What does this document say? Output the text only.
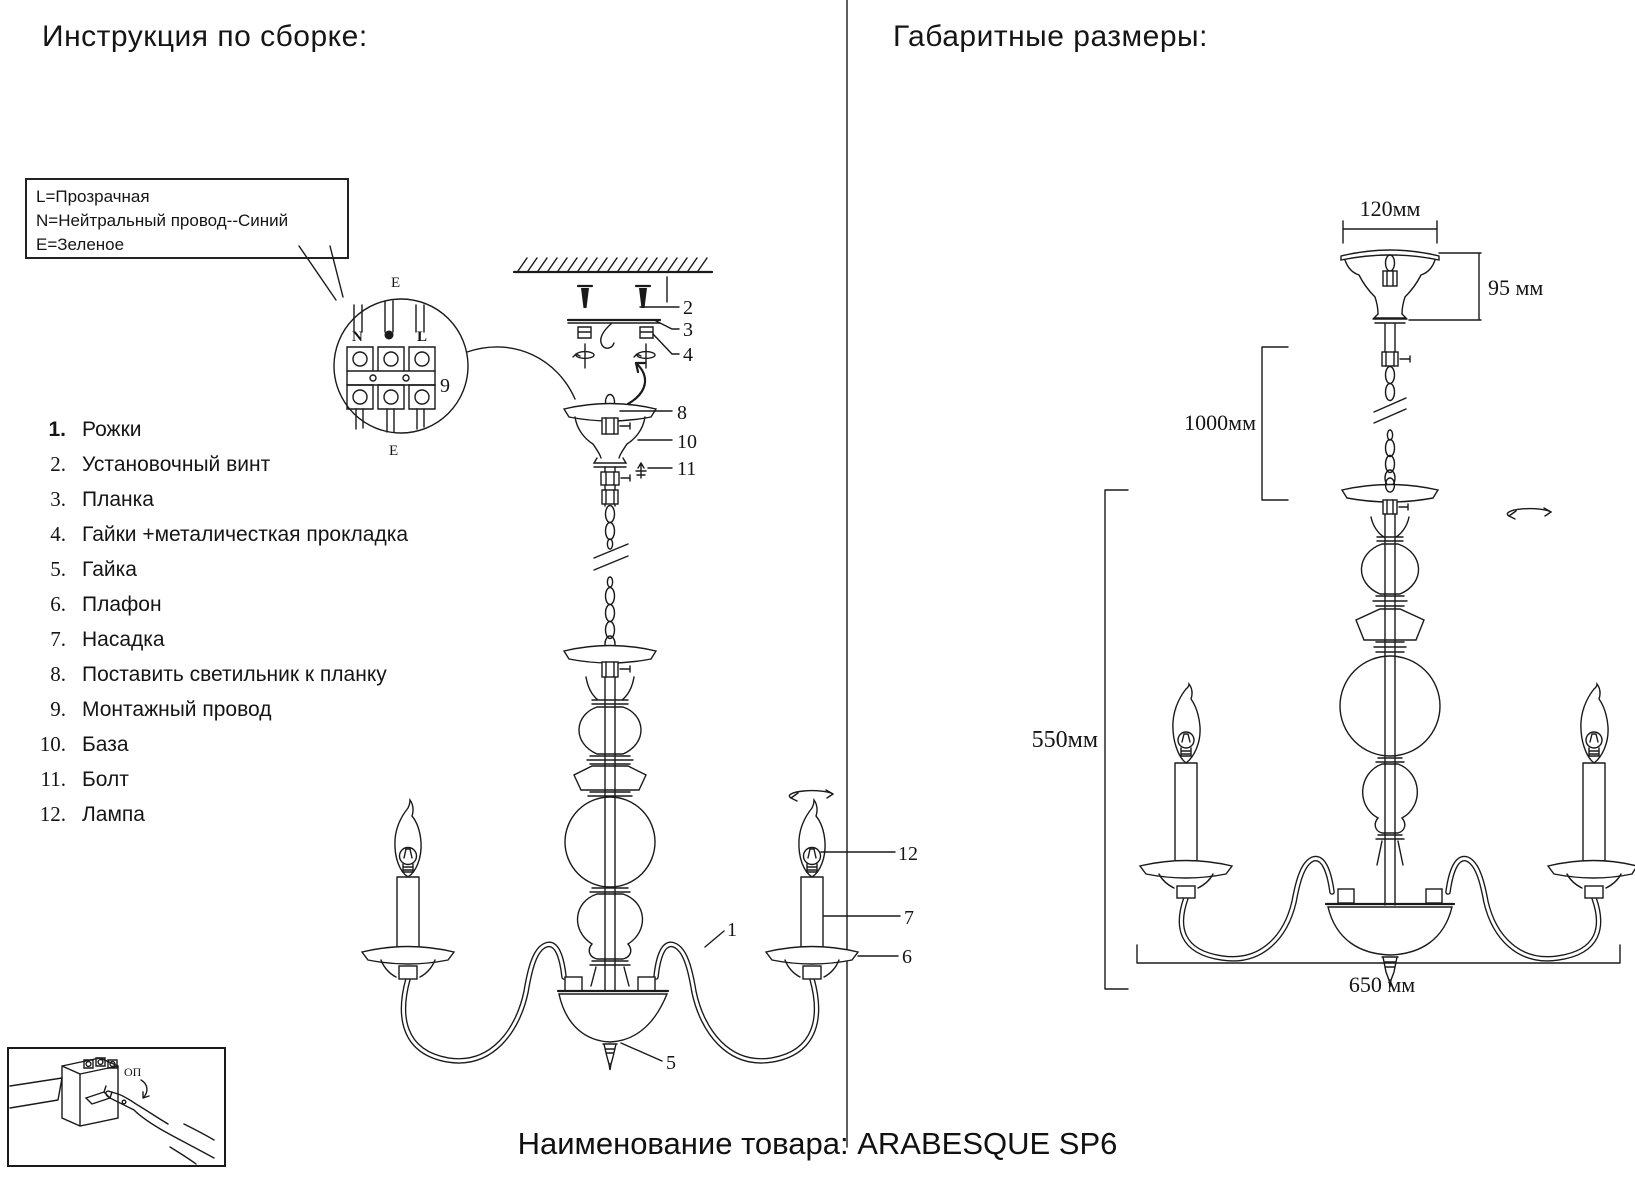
E
N	L
E
9
2
3
4
8
10
11
12
7
6
1
5
120мм
95 мм
1000мм
550мм
650 мм
ОП
Инструкция по сборке:	Габаритные размеры:
L=Прозрачная
N=Нейтральный провод--Синий
E=Зеленое
1. Рожки
2. Установочный винт
3. Планка
4. Гайки +металичесткая прокладка
5. Гайка
6. Плафон
7. Насадка
8. Поставить светильник к планку
9. Монтажный провод
10. База
11. Болт
12. Лампа
Наименование товара: ARABESQUE SP6
